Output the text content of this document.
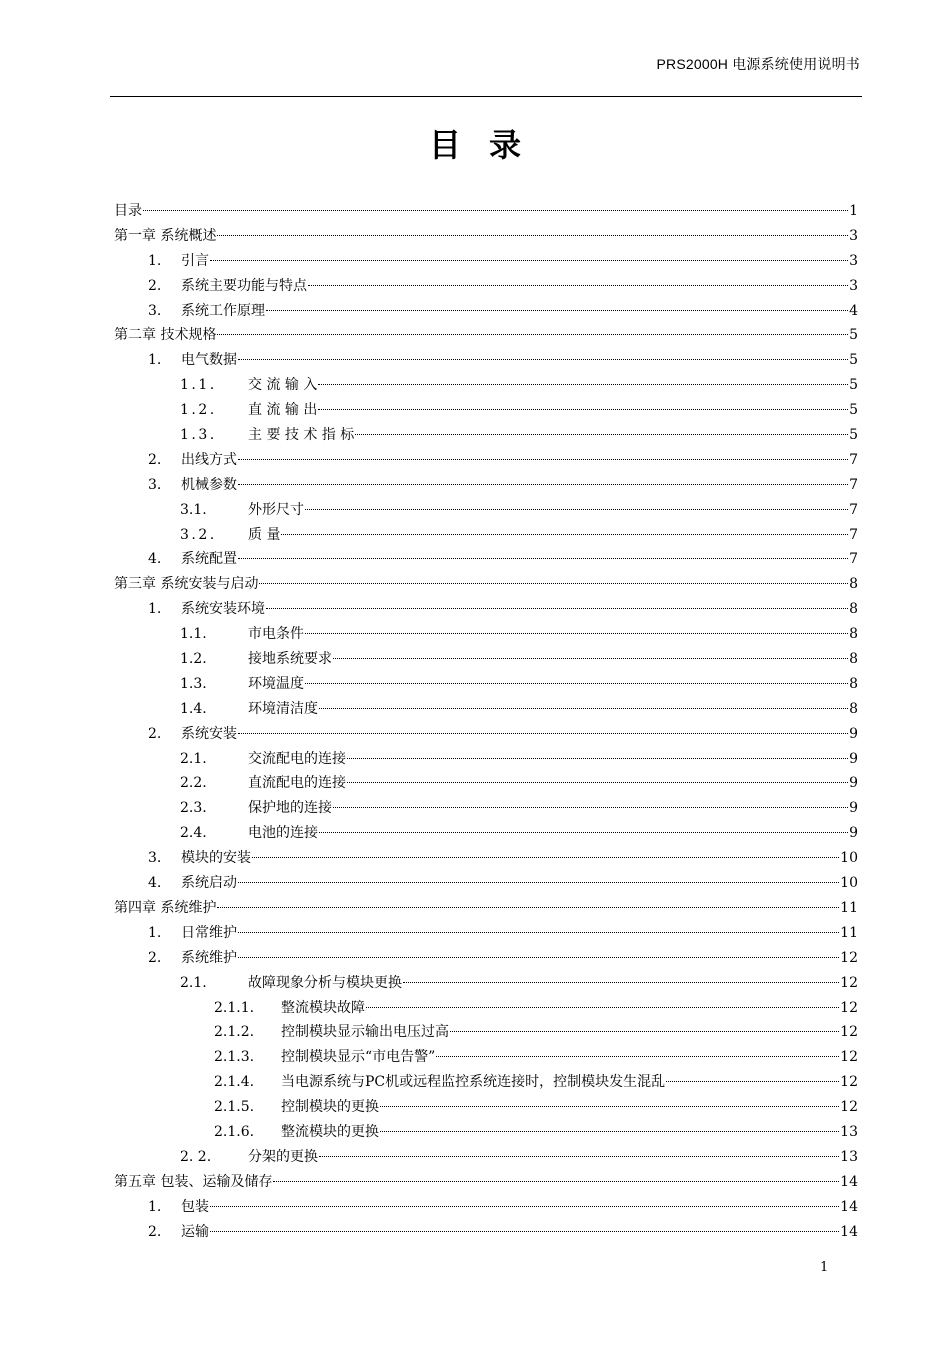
PRS2000H 电源系统使用说明书
目录
目录	1
第一章 系统概述	3
1.	引言	3
2.	系统主要功能与特点	3
3.	系统工作原理	4
第二章 技术规格	5
1.	电气数据	5
1.1.	交 流 输 入	5
1.2.	直 流 输 出	5
1.3.	主 要 技 术 指 标	5
2.	出线方式	7
3.	机械参数	7
3.1.	外形尺寸	7
3.2.	质 量	7
4.	系统配置	7
第三章 系统安装与启动	8
1.	系统安装环境	8
1.1.	市电条件	8
1.2.	接地系统要求	8
1.3.	环境温度	8
1.4.	环境清洁度	8
2.	系统安装	9
2.1.	交流配电的连接	9
2.2.	直流配电的连接	9
2.3.	保护地的连接	9
2.4.	电池的连接	9
3.	模块的安装	10
4.	系统启动	10
第四章 系统维护	11
1.	日常维护	11
2.	系统维护	12
2.1.	故障现象分析与模块更换	12
2.1.1.	整流模块故障	12
2.1.2.	控制模块显示输出电压过高	12
2.1.3.	控制模块显示“市电告警”	12
2.1.4.	当电源系统与PC机或远程监控系统连接时，控制模块发生混乱	12
2.1.5.	控制模块的更换	12
2.1.6.	整流模块的更换	13
2. 2.	分架的更换	13
第五章 包装、运输及储存	14
1.	包装	14
2.	运输	14
1
